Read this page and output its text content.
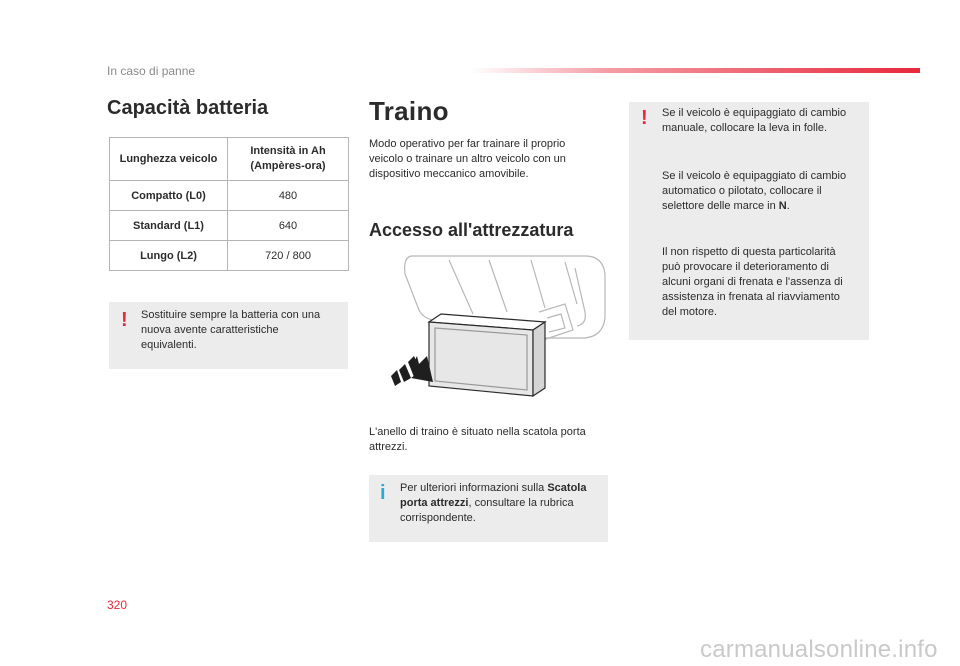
In caso di panne
Capacità batteria
Lunghezza veicolo	Intensità in Ah (Ampères-ora)
Compatto (L0)	480
Standard (L1)	640
Lungo (L2)	720 / 800
! Sostituire sempre la batteria con una nuova avente caratteristiche equivalenti.

Traino
Modo operativo per far trainare il proprio veicolo o trainare un altro veicolo con un dispositivo meccanico amovibile.
Accesso all'attrezzatura
L'anello di traino è situato nella scatola porta attrezzi.
i Per ulteriori informazioni sulla Scatola porta attrezzi, consultare la rubrica corrispondente.

! Se il veicolo è equipaggiato di cambio manuale, collocare la leva in folle.

Se il veicolo è equipaggiato di cambio automatico o pilotato, collocare il selettore delle marce in N.

Il non rispetto di questa particolarità può provocare il deterioramento di alcuni organi di frenata e l'assenza di assistenza in frenata al riavviamento del motore.

320
carmanualsonline.info
